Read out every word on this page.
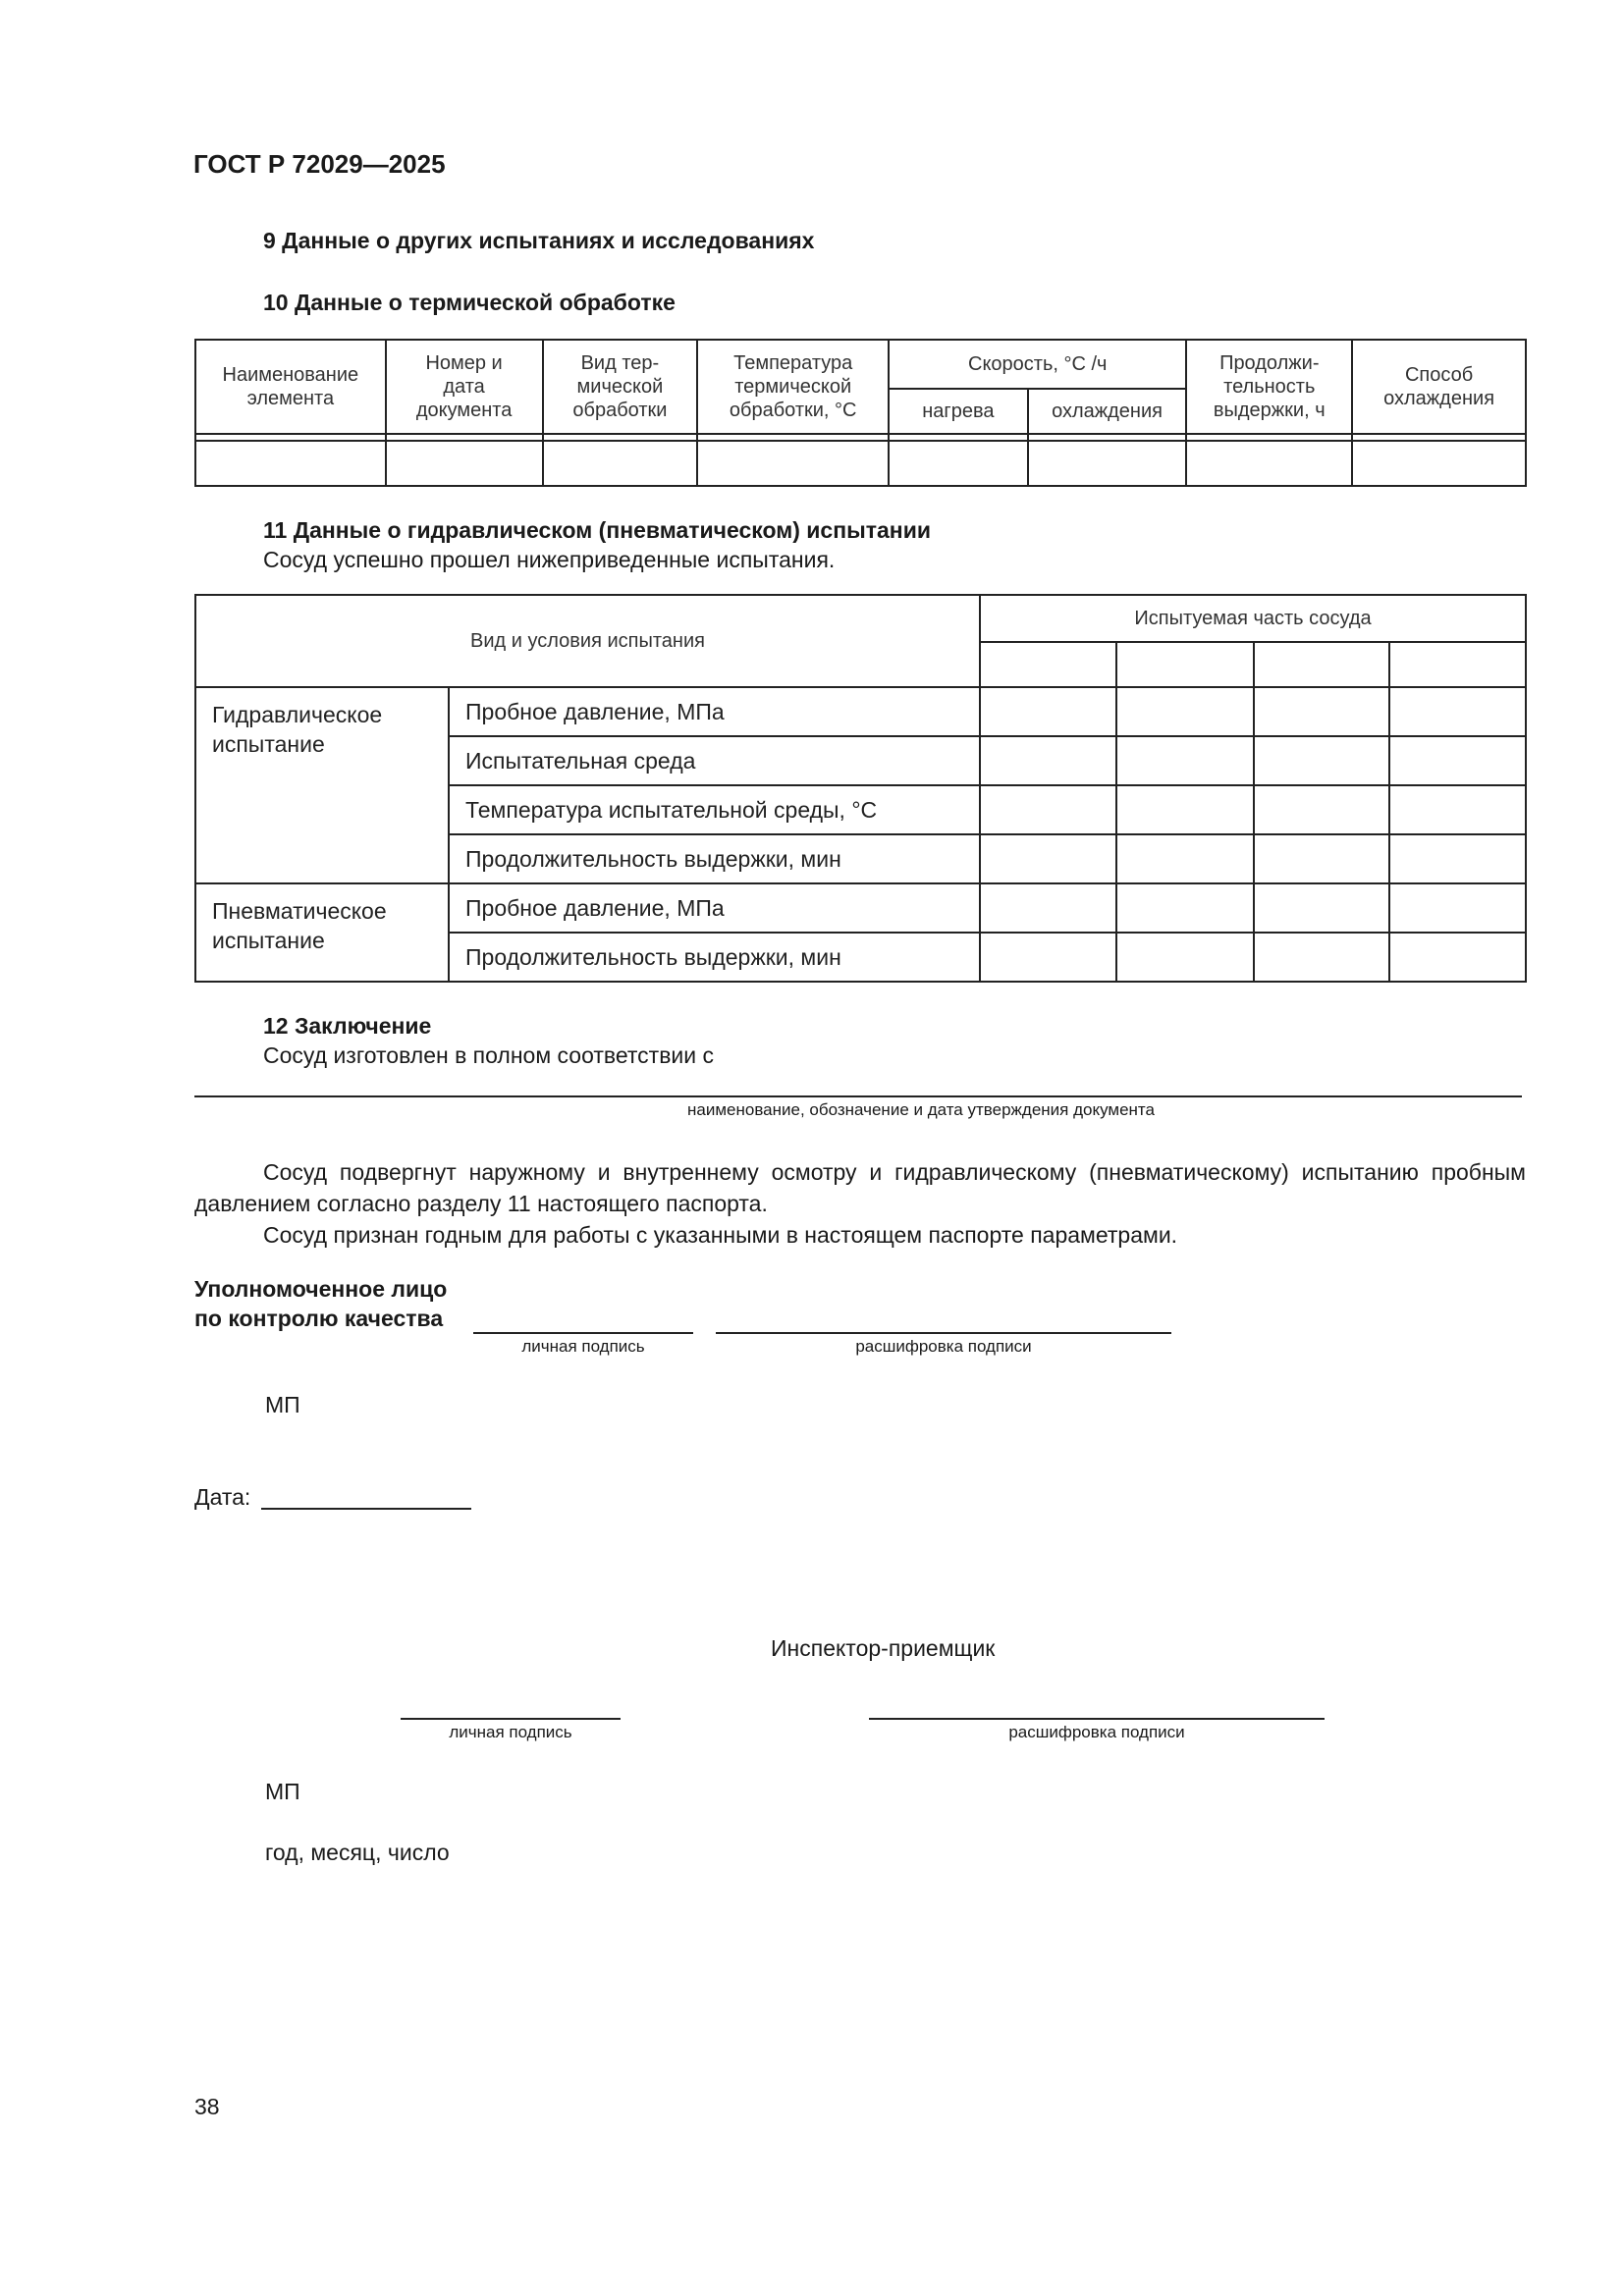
ГОСТ Р 72029—2025
9 Данные о других испытаниях и исследованиях
10 Данные о термической обработке
Наименование элемента	Номер и дата документа	Вид тер-мической обработки	Температура термической обработки, °С	Скорость, °С /ч		Продолжи-тельность выдержки, ч	Способ охлаждения
				нагрева	охлаждения		

11 Данные о гидравлическом (пневматическом) испытании
Сосуд успешно прошел нижеприведенные испытания.
Вид и условия испытания		Испытуемая часть сосуда			

Гидравлическое испытание	Пробное давление, МПа				
	Испытательная среда				
	Температура испытательной среды, °С				
	Продолжительность выдержки, мин				
Пневматическое испытание	Пробное давление, МПа				
	Продолжительность выдержки, мин				
12 Заключение
Сосуд изготовлен в полном соответствии с
наименование, обозначение и дата утверждения документа
Сосуд подвергнут наружному и внутреннему осмотру и гидравлическому (пневматическому) испытанию пробным давлением согласно разделу 11 настоящего паспорта.
Сосуд признан годным для работы с указанными в настоящем паспорте параметрами.
Уполномоченное лицо
по контролю качества
личная подпись	расшифровка подписи
МП
Дата:
Инспектор-приемщик
личная подпись	расшифровка подписи
МП
год, месяц, число
38
